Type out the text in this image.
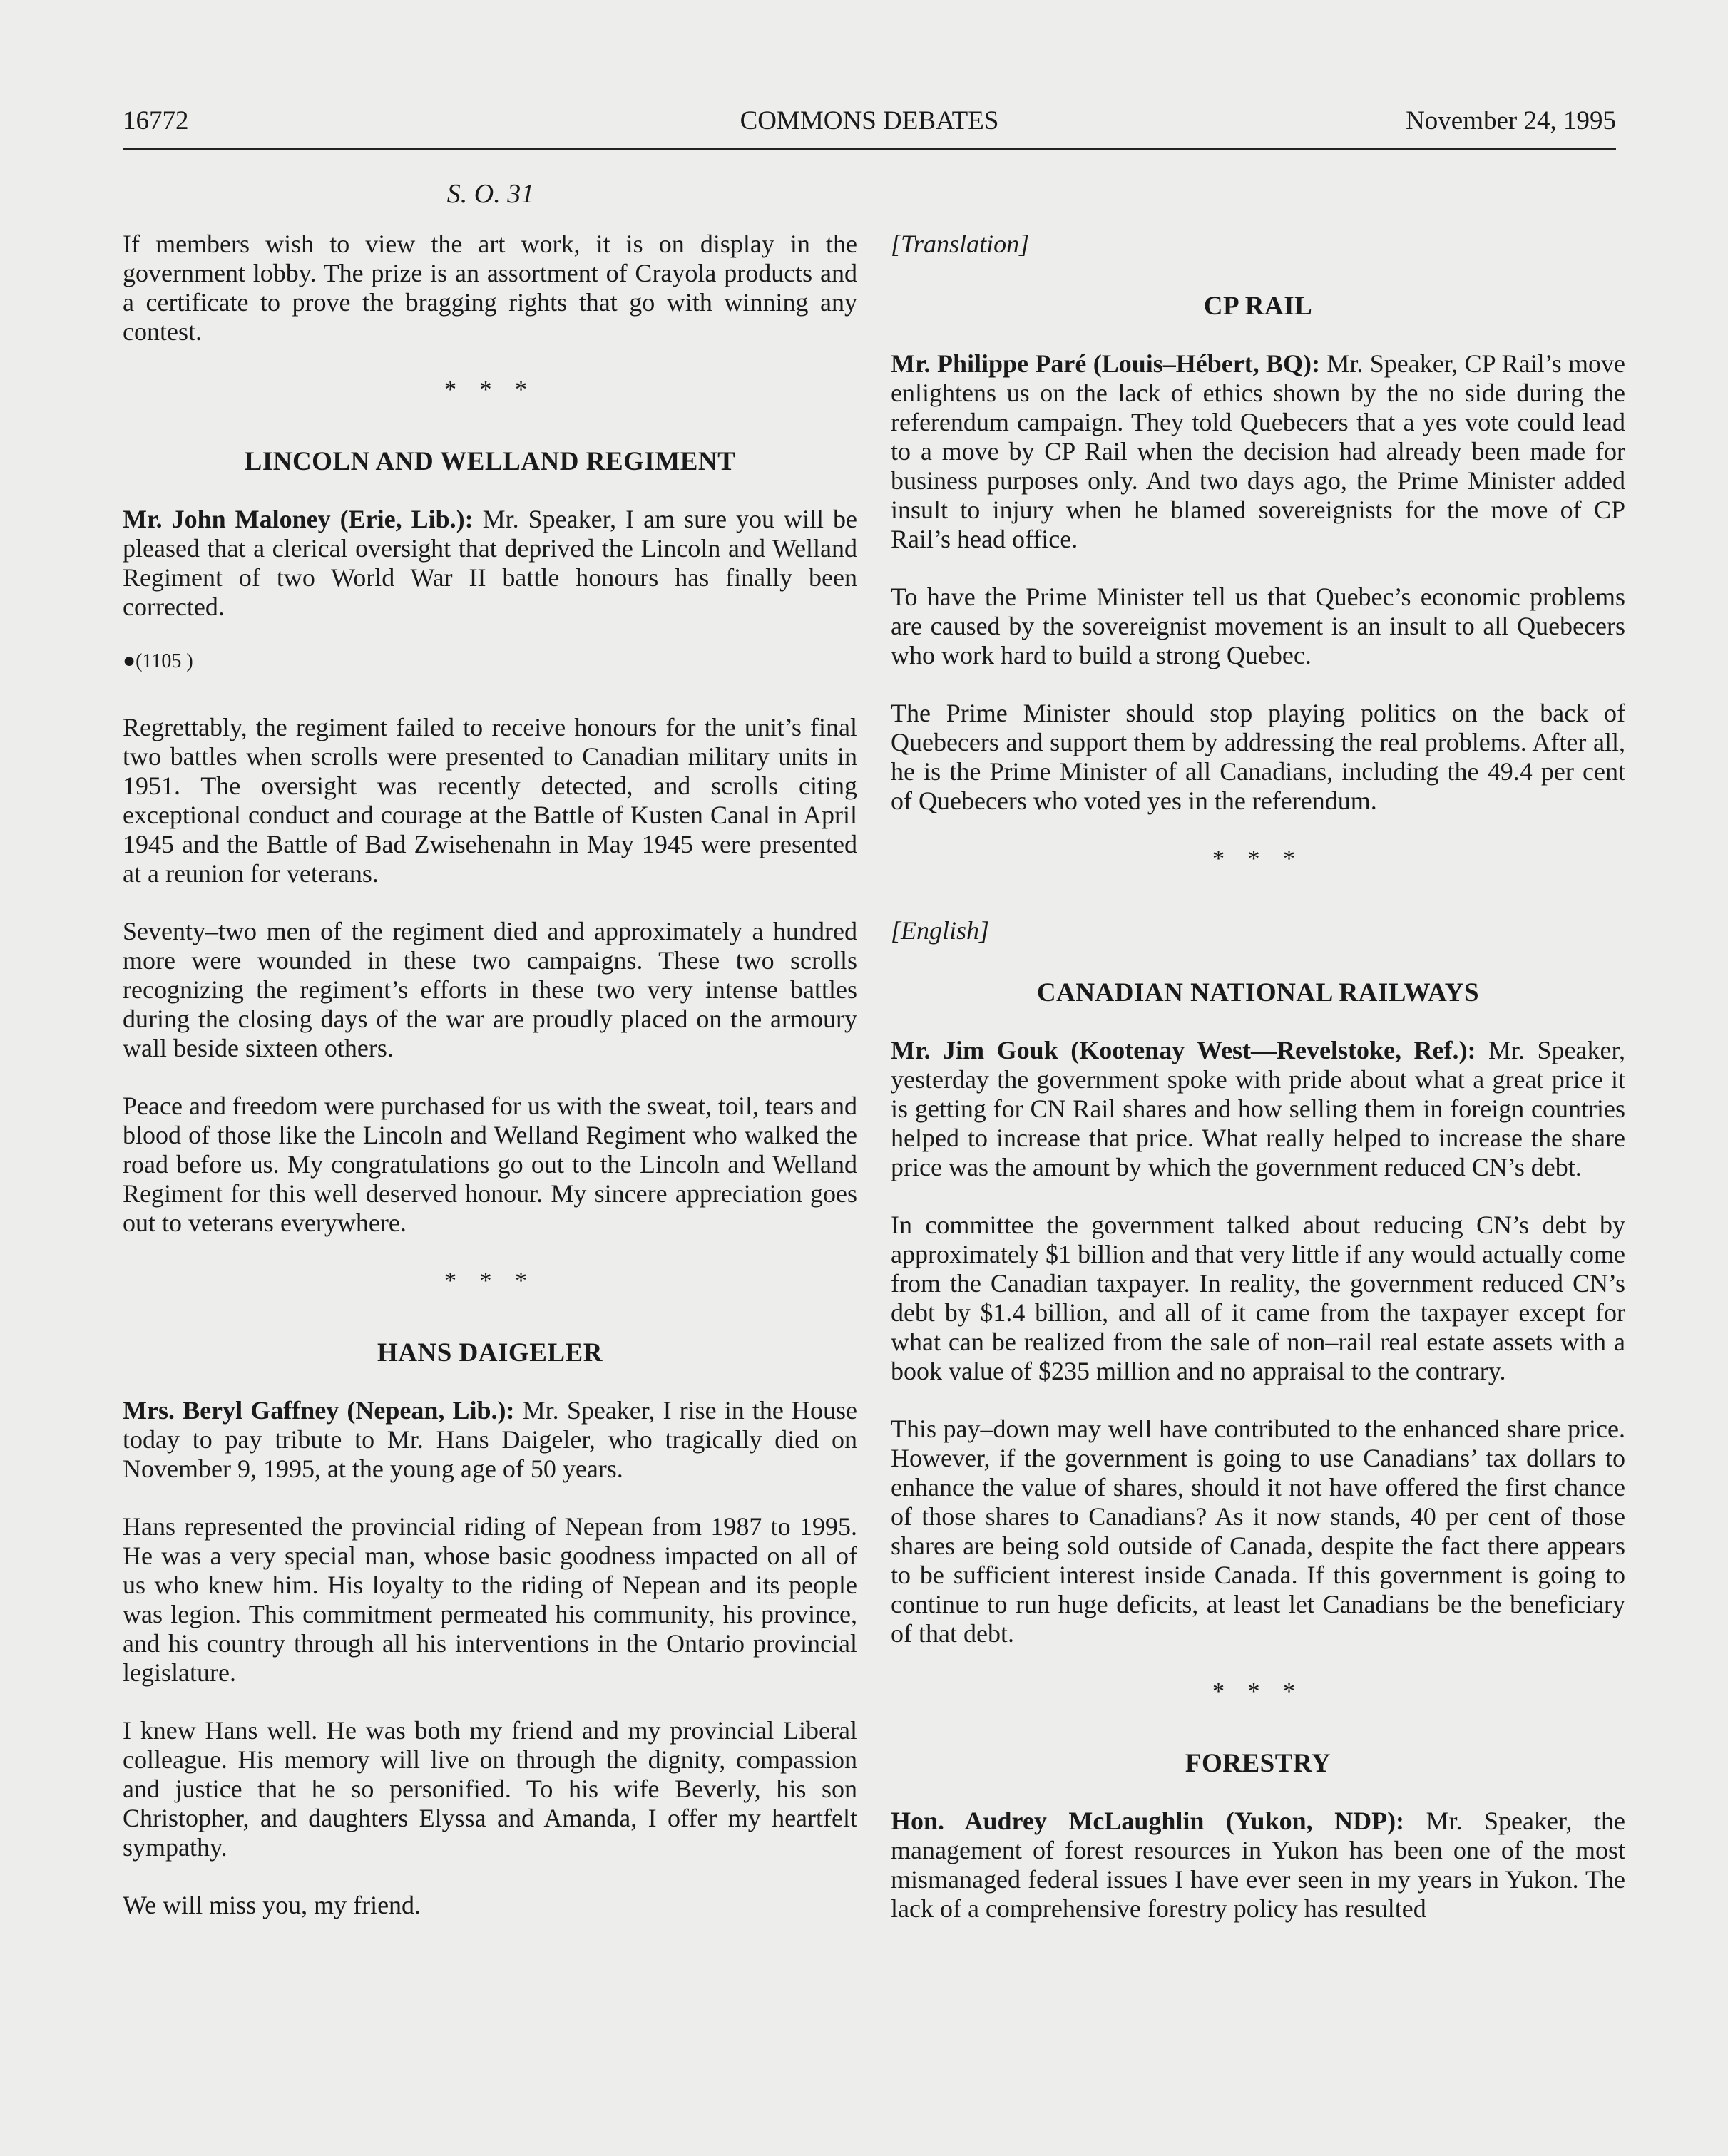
16772	COMMONS DEBATES	November 24, 1995
S. O. 31

If members wish to view the art work, it is on display in the government lobby. The prize is an assortment of Crayola products and a certificate to prove the bragging rights that go with winning any contest.

* * *
LINCOLN AND WELLAND REGIMENT

Mr. John Maloney (Erie, Lib.): Mr. Speaker, I am sure you will be pleased that a clerical oversight that deprived the Lincoln and Welland Regiment of two World War II battle honours has finally been corrected.

●(1105 )

Regrettably, the regiment failed to receive honours for the unit’s final two battles when scrolls were presented to Canadian military units in 1951. The oversight was recently detected, and scrolls citing exceptional conduct and courage at the Battle of Kusten Canal in April 1945 and the Battle of Bad Zwisehenahn in May 1945 were presented at a reunion for veterans.

Seventy–two men of the regiment died and approximately a hundred more were wounded in these two campaigns. These two scrolls recognizing the regiment’s efforts in these two very intense battles during the closing days of the war are proudly placed on the armoury wall beside sixteen others.

Peace and freedom were purchased for us with the sweat, toil, tears and blood of those like the Lincoln and Welland Regiment who walked the road before us. My congratulations go out to the Lincoln and Welland Regiment for this well deserved honour. My sincere appreciation goes out to veterans everywhere.

* * *
HANS DAIGELER

Mrs. Beryl Gaffney (Nepean, Lib.): Mr. Speaker, I rise in the House today to pay tribute to Mr. Hans Daigeler, who tragically died on November 9, 1995, at the young age of 50 years.

Hans represented the provincial riding of Nepean from 1987 to 1995. He was a very special man, whose basic goodness impacted on all of us who knew him. His loyalty to the riding of Nepean and its people was legion. This commitment permeated his community, his province, and his country through all his interventions in the Ontario provincial legislature.

I knew Hans well. He was both my friend and my provincial Liberal colleague. His memory will live on through the dignity, compassion and justice that he so personified. To his wife Beverly, his son Christopher, and daughters Elyssa and Amanda, I offer my heartfelt sympathy.

We will miss you, my friend.

[Translation]
CP RAIL

Mr. Philippe Paré (Louis–Hébert, BQ): Mr. Speaker, CP Rail’s move enlightens us on the lack of ethics shown by the no side during the referendum campaign. They told Quebecers that a yes vote could lead to a move by CP Rail when the decision had already been made for business purposes only. And two days ago, the Prime Minister added insult to injury when he blamed sovereignists for the move of CP Rail’s head office.

To have the Prime Minister tell us that Quebec’s economic problems are caused by the sovereignist movement is an insult to all Quebecers who work hard to build a strong Quebec.

The Prime Minister should stop playing politics on the back of Quebecers and support them by addressing the real problems. After all, he is the Prime Minister of all Canadians, including the 49.4 per cent of Quebecers who voted yes in the referendum.

* * *
[English]
CANADIAN NATIONAL RAILWAYS

Mr. Jim Gouk (Kootenay West—Revelstoke, Ref.): Mr. Speaker, yesterday the government spoke with pride about what a great price it is getting for CN Rail shares and how selling them in foreign countries helped to increase that price. What really helped to increase the share price was the amount by which the government reduced CN’s debt.

In committee the government talked about reducing CN’s debt by approximately $1 billion and that very little if any would actually come from the Canadian taxpayer. In reality, the government reduced CN’s debt by $1.4 billion, and all of it came from the taxpayer except for what can be realized from the sale of non–rail real estate assets with a book value of $235 million and no appraisal to the contrary.

This pay–down may well have contributed to the enhanced share price. However, if the government is going to use Canadians’ tax dollars to enhance the value of shares, should it not have offered the first chance of those shares to Canadians? As it now stands, 40 per cent of those shares are being sold outside of Canada, despite the fact there appears to be sufficient interest inside Canada. If this government is going to continue to run huge deficits, at least let Canadians be the beneficiary of that debt.

* * *
FORESTRY

Hon. Audrey McLaughlin (Yukon, NDP): Mr. Speaker, the management of forest resources in Yukon has been one of the most mismanaged federal issues I have ever seen in my years in Yukon. The lack of a comprehensive forestry policy has resulted
